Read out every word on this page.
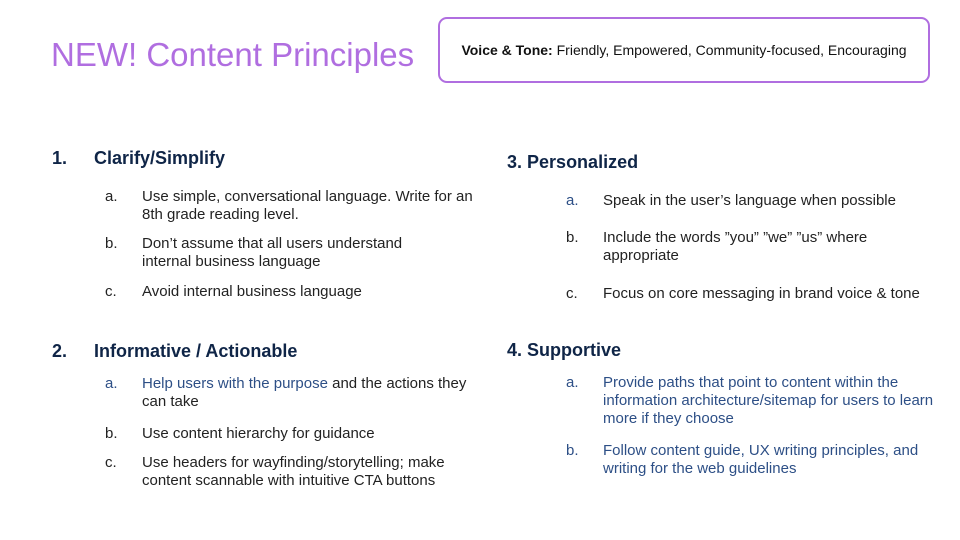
NEW! Content Principles	Voice & Tone: Friendly, Empowered, Community-focused, Encouraging
1. Clarify/Simplify
a. Use simple, conversational language. Write for an 8th grade reading level.
b. Don’t assume that all users understand internal business language
c. Avoid internal business language
2. Informative / Actionable
a. Help users with the purpose and the actions they can take
b. Use content hierarchy for guidance
c. Use headers for wayfinding/storytelling; make content scannable with intuitive CTA buttons
3. Personalized
a. Speak in the user’s language when possible
b. Include the words ”you” ”we” ”us” where appropriate
c. Focus on core messaging in brand voice & tone
4. Supportive
a. Provide paths that point to content within the information architecture/sitemap for users to learn more if they choose
b. Follow content guide, UX writing principles, and writing for the web guidelines
